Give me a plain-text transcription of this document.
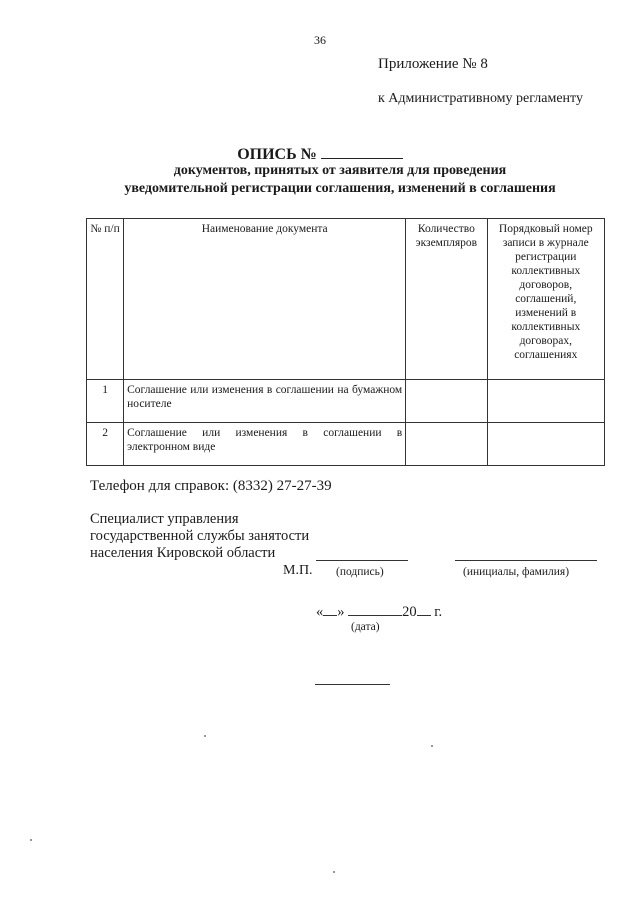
36
Приложение № 8
к Административному регламенту
ОПИСЬ №
документов, принятых от заявителя для проведения
уведомительной регистрации соглашения, изменений в соглашения
№ п/п	Наименование документа	Количество экземпляров	Порядковый номер записи в журнале регистрации коллективных договоров, соглашений, изменений в коллективных договорах, соглашениях
1	Соглашение или изменения в соглашении на бумажном носителе		
2	Соглашение или изменения в соглашении в электронном виде		
Телефон для справок: (8332) 27-27-39
Специалист управления
государственной службы занятости
населения Кировской области
М.П. (подпись)	(инициалы, фамилия)
« »	20 г.
(дата)
